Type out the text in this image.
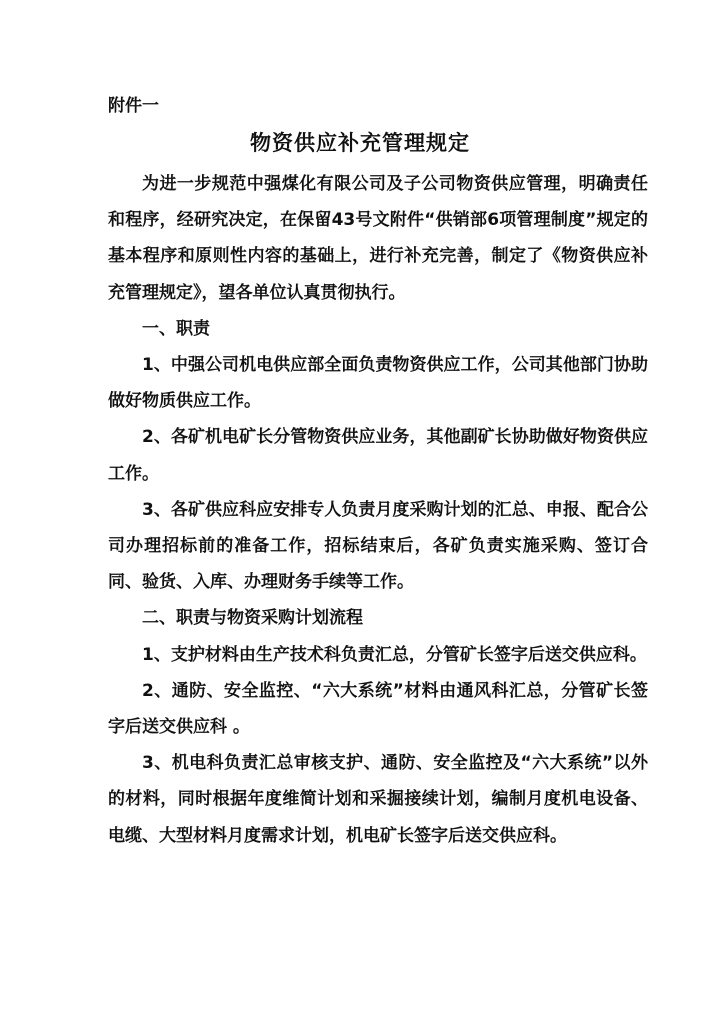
附件一
物资供应补充管理规定

为进一步规范中强煤化有限公司及子公司物资供应管理，明确责任和程序，经研究决定，在保留43号文附件“供销部6项管理制度”规定的基本程序和原则性内容的基础上，进行补充完善，制定了《物资供应补充管理规定》，望各单位认真贯彻执行。

一、职责

1、中强公司机电供应部全面负责物资供应工作，公司其他部门协助做好物质供应工作。

2、各矿机电矿长分管物资供应业务，其他副矿长协助做好物资供应工作。

3、各矿供应科应安排专人负责月度采购计划的汇总、申报、配合公司办理招标前的准备工作，招标结束后，各矿负责实施采购、签订合同、验货、入库、办理财务手续等工作。

二、职责与物资采购计划流程

1、支护材料由生产技术科负责汇总，分管矿长签字后送交供应科。

2、通防、安全监控、“六大系统”材料由通风科汇总，分管矿长签字后送交供应科 。

3、机电科负责汇总审核支护、通防、安全监控及“六大系统”以外的材料，同时根据年度维简计划和采掘接续计划，编制月度机电设备、电缆、大型材料月度需求计划，机电矿长签字后送交供应科。
